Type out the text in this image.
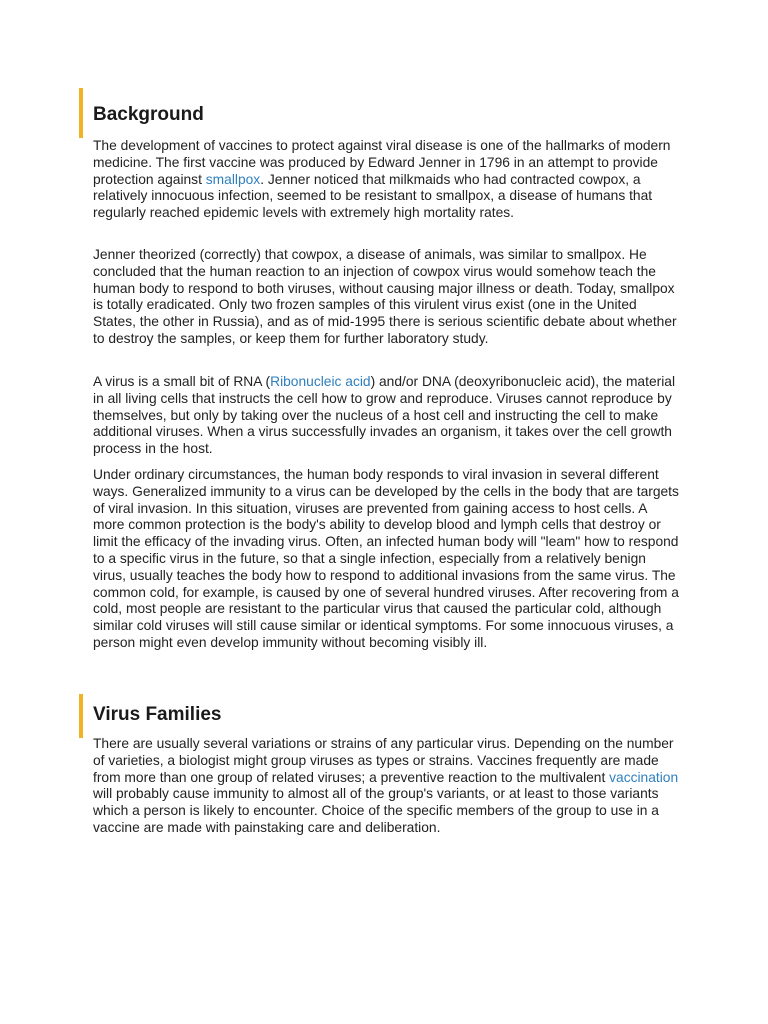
Background

The development of vaccines to protect against viral disease is one of the hallmarks of modern medicine. The first vaccine was produced by Edward Jenner in 1796 in an attempt to provide protection against smallpox. Jenner noticed that milkmaids who had contracted cowpox, a relatively innocuous infection, seemed to be resistant to smallpox, a disease of humans that regularly reached epidemic levels with extremely high mortality rates.

Jenner theorized (correctly) that cowpox, a disease of animals, was similar to smallpox. He concluded that the human reaction to an injection of cowpox virus would somehow teach the human body to respond to both viruses, without causing major illness or death. Today, smallpox is totally eradicated. Only two frozen samples of this virulent virus exist (one in the United States, the other in Russia), and as of mid-1995 there is serious scientific debate about whether to destroy the samples, or keep them for further laboratory study.

A virus is a small bit of RNA (Ribonucleic acid) and/or DNA (deoxyribonucleic acid), the material in all living cells that instructs the cell how to grow and reproduce. Viruses cannot reproduce by themselves, but only by taking over the nucleus of a host cell and instructing the cell to make additional viruses. When a virus successfully invades an organism, it takes over the cell growth process in the host.

Under ordinary circumstances, the human body responds to viral invasion in several different ways. Generalized immunity to a virus can be developed by the cells in the body that are targets of viral invasion. In this situation, viruses are prevented from gaining access to host cells. A more common protection is the body's ability to develop blood and lymph cells that destroy or limit the efficacy of the invading virus. Often, an infected human body will "leam" how to respond to a specific virus in the future, so that a single infection, especially from a relatively benign virus, usually teaches the body how to respond to additional invasions from the same virus. The common cold, for example, is caused by one of several hundred viruses. After recovering from a cold, most people are resistant to the particular virus that caused the particular cold, although similar cold viruses will still cause similar or identical symptoms. For some innocuous viruses, a person might even develop immunity without becoming visibly ill.

Virus Families

There are usually several variations or strains of any particular virus. Depending on the number of varieties, a biologist might group viruses as types or strains. Vaccines frequently are made from more than one group of related viruses; a preventive reaction to the multivalent vaccination will probably cause immunity to almost all of the group's variants, or at least to those variants which a person is likely to encounter. Choice of the specific members of the group to use in a vaccine are made with painstaking care and deliberation.
